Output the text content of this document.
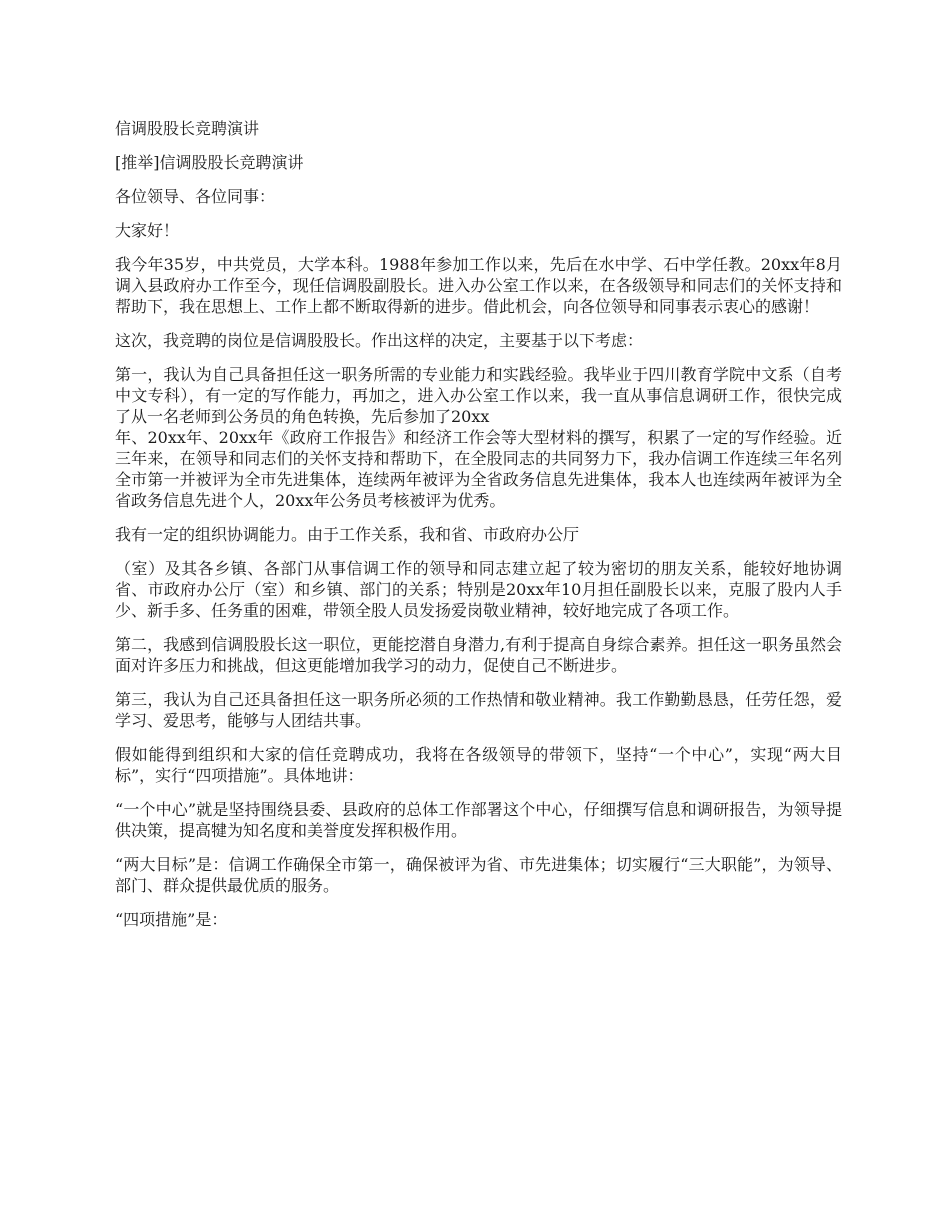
信调股股长竞聘演讲

[推举]信调股股长竞聘演讲

各位领导、各位同事：

大家好！

我今年35岁，中共党员，大学本科。1988年参加工作以来，先后在水中学、石中学任教。20xx年8月调入县政府办工作至今，现任信调股副股长。进入办公室工作以来，在各级领导和同志们的关怀支持和帮助下，我在思想上、工作上都不断取得新的进步。借此机会，向各位领导和同事表示衷心的感谢！

这次，我竞聘的岗位是信调股股长。作出这样的决定，主要基于以下考虑：

第一，我认为自己具备担任这一职务所需的专业能力和实践经验。我毕业于四川教育学院中文系（自考中文专科），有一定的写作能力，再加之，进入办公室工作以来，我一直从事信息调研工作，很快完成了从一名老师到公务员的角色转换，先后参加了20xx
年、20xx年、20xx年《政府工作报告》和经济工作会等大型材料的撰写，积累了一定的写作经验。近三年来，在领导和同志们的关怀支持和帮助下，在全股同志的共同努力下，我办信调工作连续三年名列全市第一并被评为全市先进集体，连续两年被评为全省政务信息先进集体，我本人也连续两年被评为全省政务信息先进个人，20xx年公务员考核被评为优秀。

我有一定的组织协调能力。由于工作关系，我和省、市政府办公厅

（室）及其各乡镇、各部门从事信调工作的领导和同志建立起了较为密切的朋友关系，能较好地协调省、市政府办公厅（室）和乡镇、部门的关系；特别是20xx年10月担任副股长以来，克服了股内人手少、新手多、任务重的困难，带领全股人员发扬爱岗敬业精神，较好地完成了各项工作。

第二，我感到信调股股长这一职位，更能挖潜自身潜力,有利于提高自身综合素养。担任这一职务虽然会面对许多压力和挑战，但这更能增加我学习的动力，促使自己不断进步。

第三，我认为自己还具备担任这一职务所必须的工作热情和敬业精神。我工作勤勤恳恳，任劳任怨，爱学习、爱思考，能够与人团结共事。

假如能得到组织和大家的信任竞聘成功，我将在各级领导的带领下，坚持“一个中心”，实现“两大目标”，实行“四项措施”。具体地讲：

“一个中心”就是坚持围绕县委、县政府的总体工作部署这个中心，仔细撰写信息和调研报告，为领导提供决策，提高犍为知名度和美誉度发挥积极作用。

“两大目标”是：信调工作确保全市第一，确保被评为省、市先进集体；切实履行“三大职能”，为领导、部门、群众提供最优质的服务。

“四项措施”是：
